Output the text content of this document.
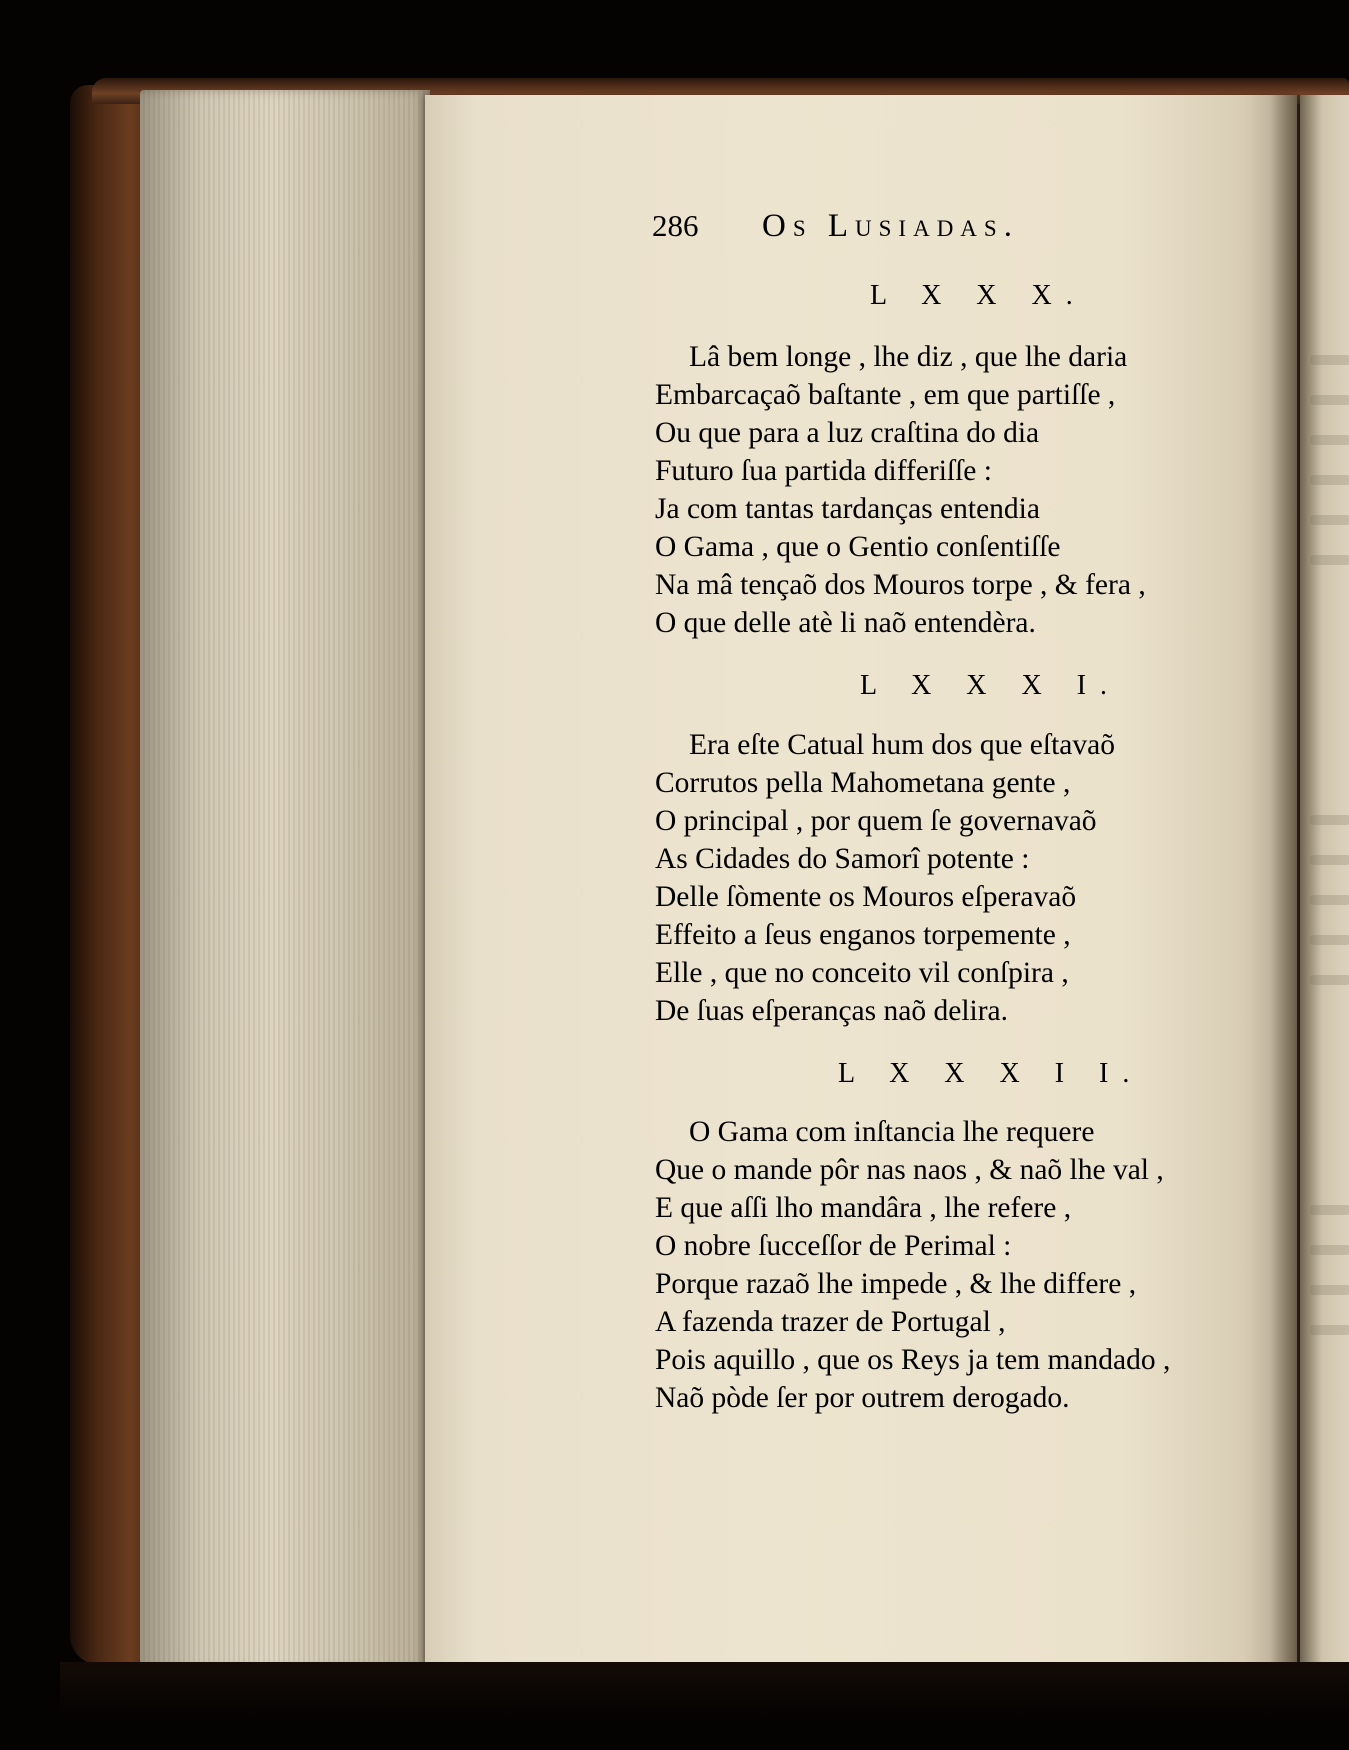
286	Os Lusiadas.
L X X X.
Lâ bem longe , lhe diz , que lhe daria
Embarcaçaõ baſtante , em que partiſſe ,
Ou que para a luz craſtina do dia
Futuro ſua partida differiſſe :
Ja com tantas tardanças entendia
O Gama , que o Gentio conſentiſſe
Na mâ tençaõ dos Mouros torpe , & fera ,
O que delle atè li naõ entendèra.
L X X X I.
Era eſte Catual hum dos que eſtavaõ
Corrutos pella Mahometana gente ,
O principal , por quem ſe governavaõ
As Cidades do Samorî potente :
Delle ſòmente os Mouros eſperavaõ
Effeito a ſeus enganos torpemente ,
Elle , que no conceito vil conſpira ,
De ſuas eſperanças naõ delira.
L X X X I I.
O Gama com inſtancia lhe requere
Que o mande pôr nas naos , & naõ lhe val ,
E que aſſi lho mandâra , lhe refere ,
O nobre ſucceſſor de Perimal :
Porque razaõ lhe impede , & lhe differe ,
A fazenda trazer de Portugal ,
Pois aquillo , que os Reys ja tem mandado ,
Naõ pòde ſer por outrem derogado.
